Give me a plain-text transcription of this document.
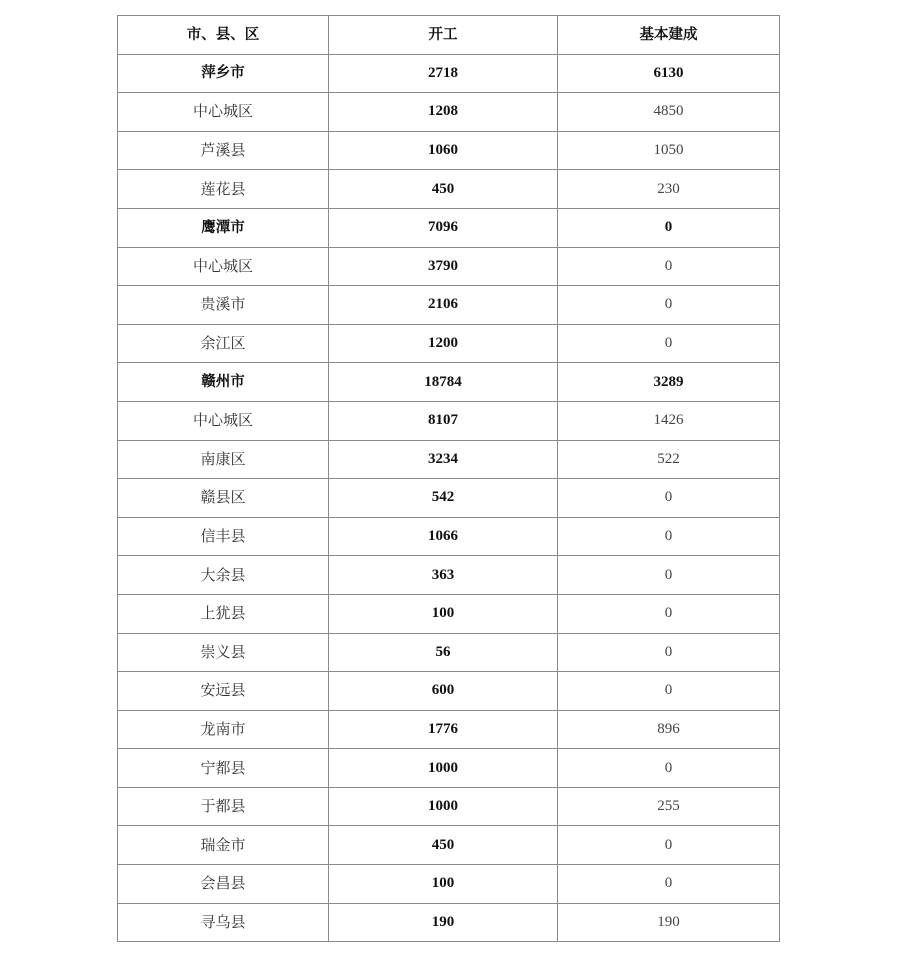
市、县、区	开工	基本建成
萍乡市	2718	6130
中心城区	1208	4850
芦溪县	1060	1050
莲花县	450	230
鹰潭市	7096	0
中心城区	3790	0
贵溪市	2106	0
余江区	1200	0
赣州市	18784	3289
中心城区	8107	1426
南康区	3234	522
赣县区	542	0
信丰县	1066	0
大余县	363	0
上犹县	100	0
崇义县	56	0
安远县	600	0
龙南市	1776	896
宁都县	1000	0
于都县	1000	255
瑞金市	450	0
会昌县	100	0
寻乌县	190	190
